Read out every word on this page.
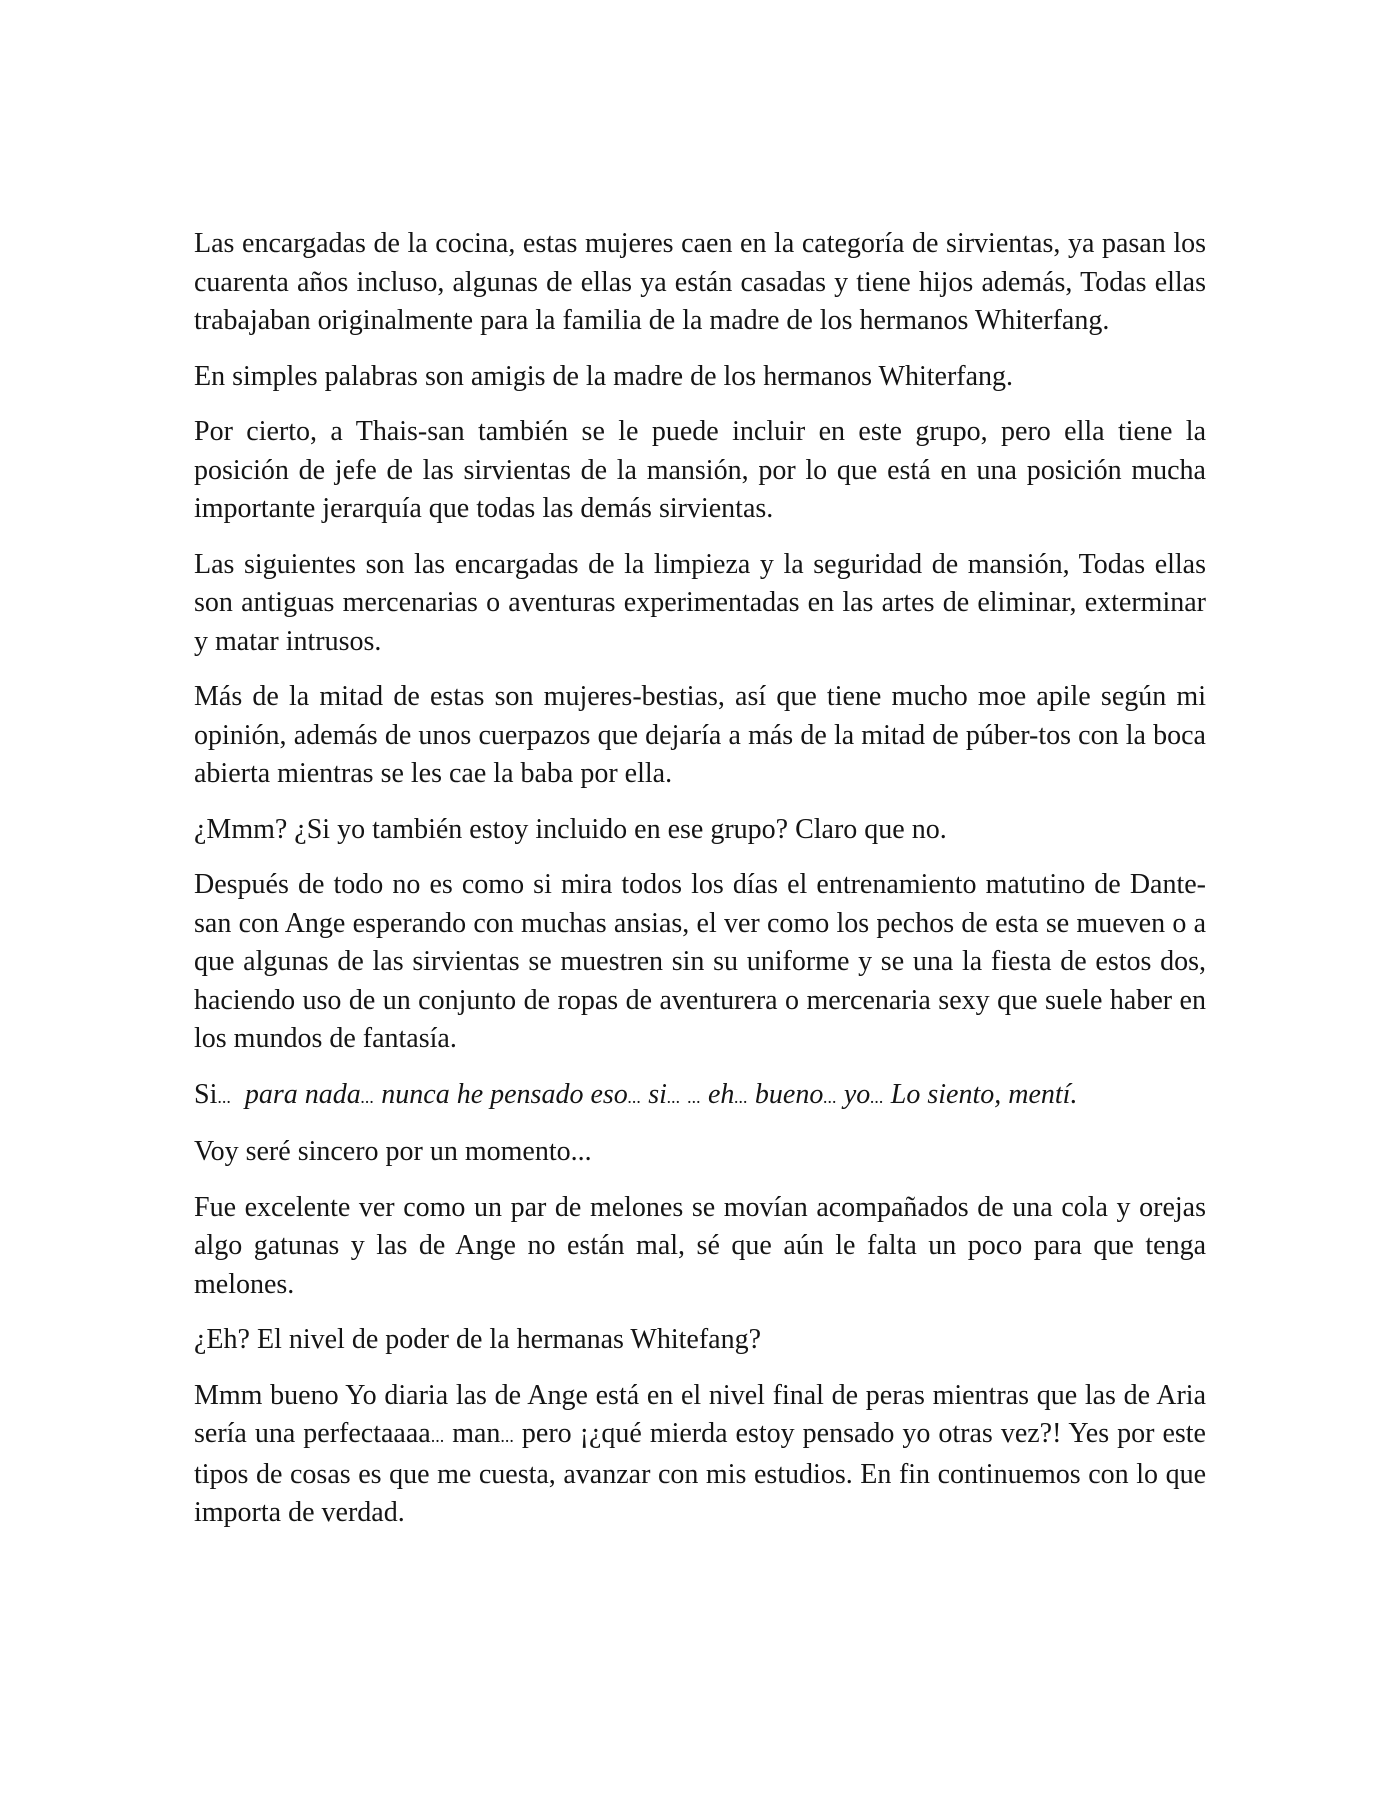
Las encargadas de la cocina, estas mujeres caen en la categoría de sirvientas, ya pasan los cuarenta años incluso, algunas de ellas ya están casadas y tiene hijos además, Todas ellas trabajaban originalmente para la familia de la madre de los hermanos Whiterfang.

En simples palabras son amigis de la madre de los hermanos Whiterfang.

Por cierto, a Thais-san también se le puede incluir en este grupo, pero ella tiene la posición de jefe de las sirvientas de la mansión, por lo que está en una posición mucha importante jerarquía que todas las demás sirvientas.

Las siguientes son las encargadas de la limpieza y la seguridad de mansión, Todas ellas son antiguas mercenarias o aventuras experimentadas en las artes de eliminar, exterminar y matar intrusos.

Más de la mitad de estas son mujeres-bestias, así que tiene mucho moe apile según mi opinión, además de unos cuerpazos que dejaría a más de la mitad de púber-tos con la boca abierta mientras se les cae la baba por ella.

¿Mmm? ¿Si yo también estoy incluido en ese grupo? Claro que no.

Después de todo no es como si mira todos los días el entrenamiento matutino de Dante-san con Ange esperando con muchas ansias, el ver como los pechos de esta se mueven o a que algunas de las sirvientas se muestren sin su uniforme y se una la fiesta de estos dos, haciendo uso de un conjunto de ropas de aventurera o mercenaria sexy que suele haber en los mundos de fantasía.

Si... para nada... nunca he pensado eso... si... ... eh... bueno... yo... Lo siento, mentí.

Voy seré sincero por un momento...

Fue excelente ver como un par de melones se movían acompañados de una cola y orejas algo gatunas y las de Ange no están mal, sé que aún le falta un poco para que tenga melones.

¿Eh? El nivel de poder de la hermanas Whitefang?

Mmm bueno Yo diaria las de Ange está en el nivel final de peras mientras que las de Aria sería una perfectaaaa... man... pero ¡¿qué mierda estoy pensado yo otras vez?! Yes por este tipos de cosas es que me cuesta, avanzar con mis estudios. En fin continuemos con lo que importa de verdad.
